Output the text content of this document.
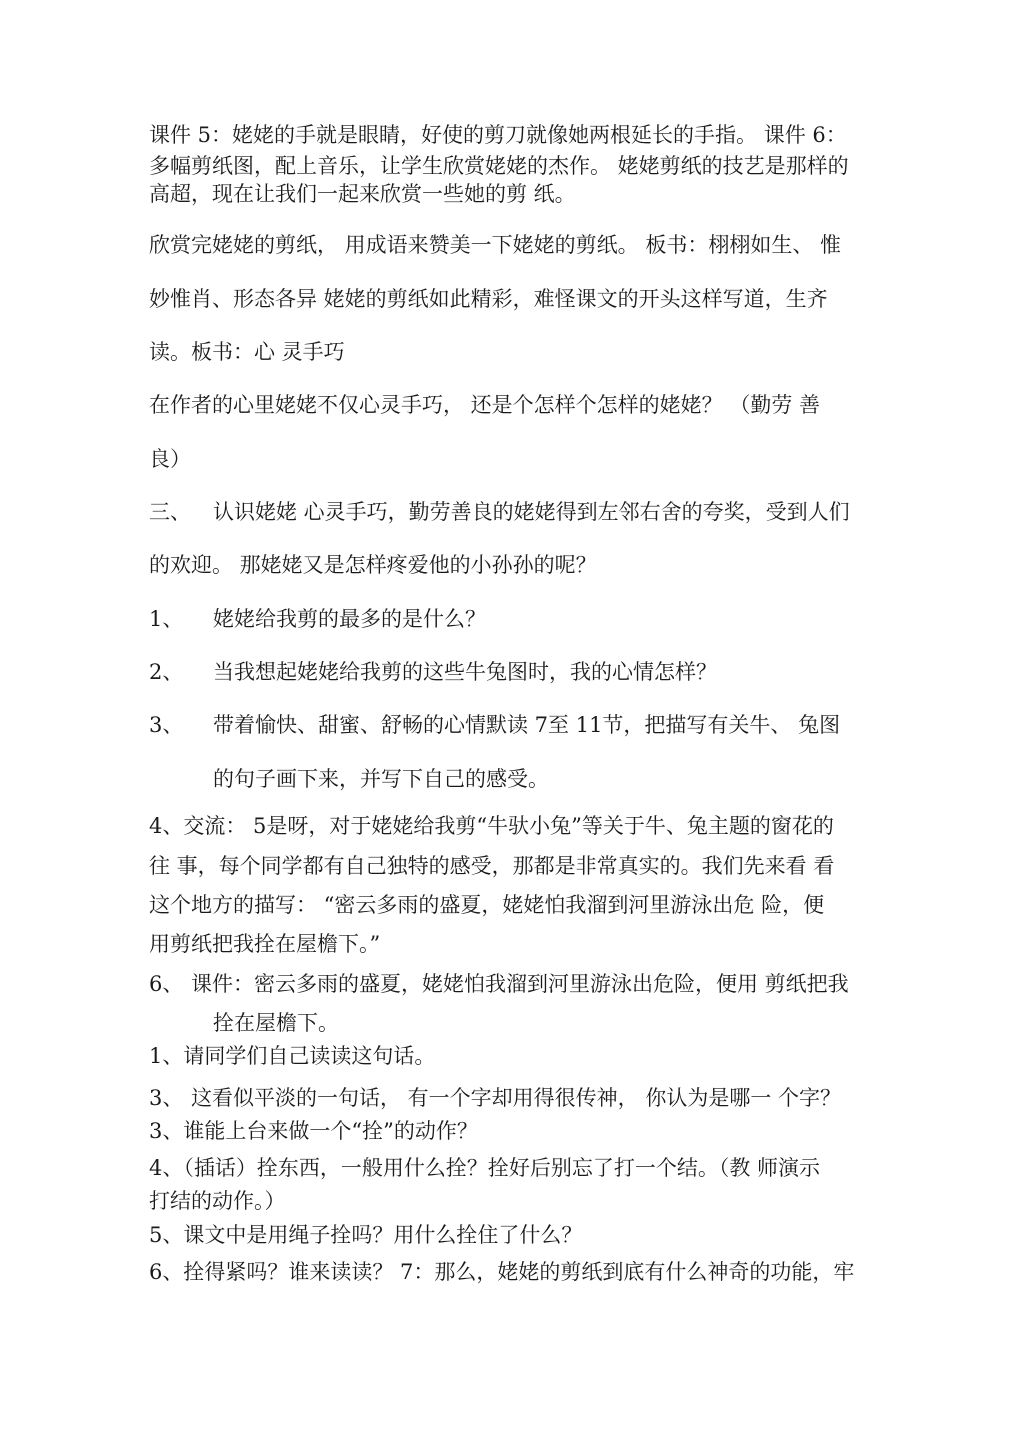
课件 5：姥姥的手就是眼睛，好使的剪刀就像她两根延长的手指。 课件 6：

多幅剪纸图，配上音乐，让学生欣赏姥姥的杰作。 姥姥剪纸的技艺是那样的

高超，现在让我们一起来欣赏一些她的剪 纸。

欣赏完姥姥的剪纸， 用成语来赞美一下姥姥的剪纸。 板书：栩栩如生、 惟

妙惟肖、形态各异 姥姥的剪纸如此精彩，难怪课文的开头这样写道，生齐

读。板书：心 灵手巧

在作者的心里姥姥不仅心灵手巧， 还是个怎样个怎样的姥姥？ （勤劳 善

良）

三、 认识姥姥 心灵手巧，勤劳善良的姥姥得到左邻右舍的夸奖，受到人们

的欢迎。 那姥姥又是怎样疼爱他的小孙孙的呢？

1、 姥姥给我剪的最多的是什么？

2、 当我想起姥姥给我剪的这些牛兔图时，我的心情怎样？

3、 带着愉快、甜蜜、舒畅的心情默读 7至 11节，把描写有关牛、 兔图

的句子画下来，并写下自己的感受。

4、交流： 5是呀，对于姥姥给我剪“牛驮小兔”等关于牛、兔主题的窗花的

往 事，每个同学都有自己独特的感受，那都是非常真实的。我们先来看 看

这个地方的描写： “密云多雨的盛夏，姥姥怕我溜到河里游泳出危 险，便

用剪纸把我拴在屋檐下。”

6、 课件：密云多雨的盛夏，姥姥怕我溜到河里游泳出危险，便用 剪纸把我

拴在屋檐下。

1、请同学们自己读读这句话。

3、 这看似平淡的一句话， 有一个字却用得很传神， 你认为是哪一 个字？

3、谁能上台来做一个“拴”的动作？

4、（插话）拴东西，一般用什么拴？拴好后别忘了打一个结。（教 师演示

打结的动作。）

5、课文中是用绳子拴吗？用什么拴住了什么？

6、拴得紧吗？谁来读读？ 7：那么，姥姥的剪纸到底有什么神奇的功能，牢
